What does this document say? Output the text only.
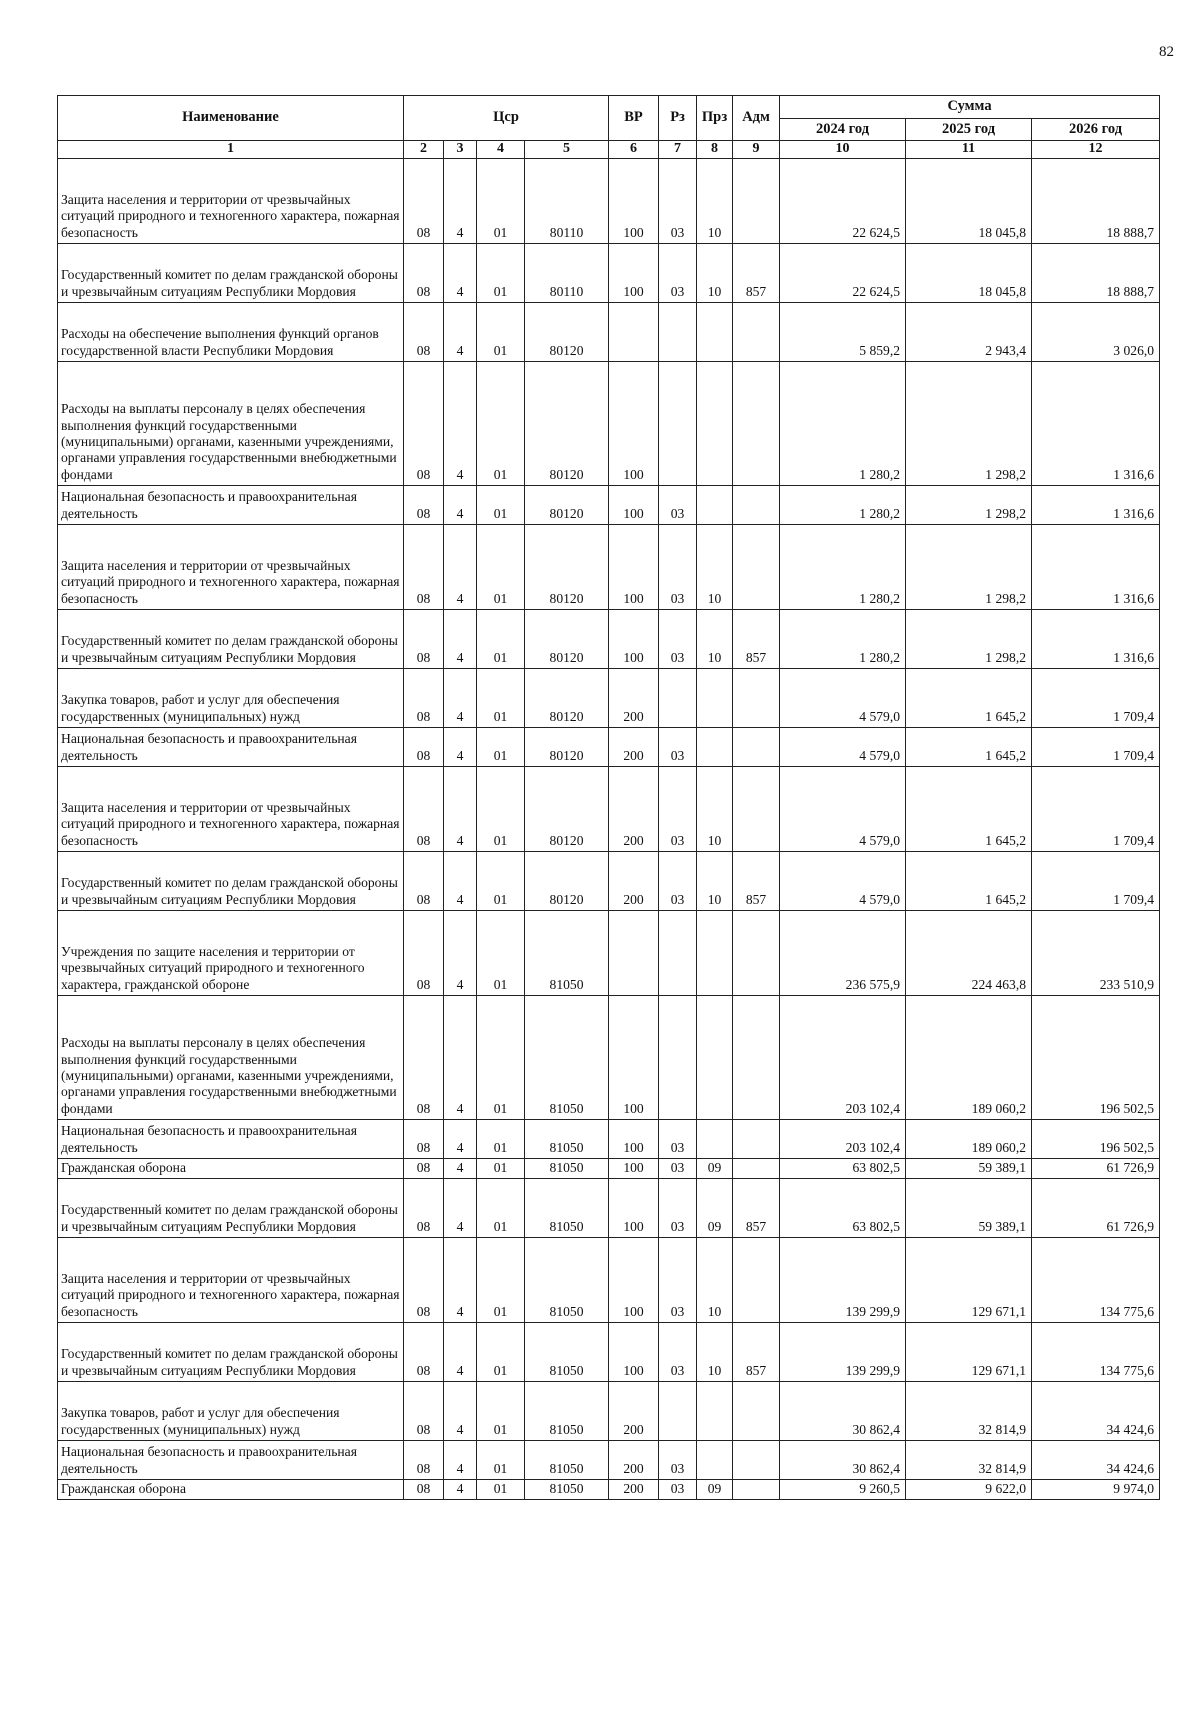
82
Наименование	Цср				ВР	Рз	Прз	Адм	Сумма		
									2024 год	2025 год	2026 год
1	2	3	4	5	6	7	8	9	10	11	12
Защита населения и территории от чрезвычайных ситуаций природного и техногенного характера, пожарная безопасность	08	4	01	80110	100	03	10		22 624,5	18 045,8	18 888,7
Государственный комитет по делам гражданской обороны и чрезвычайным ситуациям Республики Мордовия	08	4	01	80110	100	03	10	857	22 624,5	18 045,8	18 888,7
Расходы на обеспечение выполнения функций органов государственной власти Республики Мордовия	08	4	01	80120					5 859,2	2 943,4	3 026,0
Расходы на выплаты персоналу в целях обеспечения выполнения функций государственными (муниципальными) органами, казенными учреждениями, органами управления государственными внебюджетными фондами	08	4	01	80120	100				1 280,2	1 298,2	1 316,6
Национальная безопасность и правоохранительная деятельность	08	4	01	80120	100	03			1 280,2	1 298,2	1 316,6
Защита населения и территории от чрезвычайных ситуаций природного и техногенного характера, пожарная безопасность	08	4	01	80120	100	03	10		1 280,2	1 298,2	1 316,6
Государственный комитет по делам гражданской обороны и чрезвычайным ситуациям Республики Мордовия	08	4	01	80120	100	03	10	857	1 280,2	1 298,2	1 316,6
Закупка товаров, работ и услуг для обеспечения государственных (муниципальных) нужд	08	4	01	80120	200				4 579,0	1 645,2	1 709,4
Национальная безопасность и правоохранительная деятельность	08	4	01	80120	200	03			4 579,0	1 645,2	1 709,4
Защита населения и территории от чрезвычайных ситуаций природного и техногенного характера, пожарная безопасность	08	4	01	80120	200	03	10		4 579,0	1 645,2	1 709,4
Государственный комитет по делам гражданской обороны и чрезвычайным ситуациям Республики Мордовия	08	4	01	80120	200	03	10	857	4 579,0	1 645,2	1 709,4
Учреждения по защите населения и территории от чрезвычайных ситуаций природного и техногенного характера, гражданской обороне	08	4	01	81050					236 575,9	224 463,8	233 510,9
Расходы на выплаты персоналу в целях обеспечения выполнения функций государственными (муниципальными) органами, казенными учреждениями, органами управления государственными внебюджетными фондами	08	4	01	81050	100				203 102,4	189 060,2	196 502,5
Национальная безопасность и правоохранительная деятельность	08	4	01	81050	100	03			203 102,4	189 060,2	196 502,5
Гражданская оборона	08	4	01	81050	100	03	09		63 802,5	59 389,1	61 726,9
Государственный комитет по делам гражданской обороны и чрезвычайным ситуациям Республики Мордовия	08	4	01	81050	100	03	09	857	63 802,5	59 389,1	61 726,9
Защита населения и территории от чрезвычайных ситуаций природного и техногенного характера, пожарная безопасность	08	4	01	81050	100	03	10		139 299,9	129 671,1	134 775,6
Государственный комитет по делам гражданской обороны и чрезвычайным ситуациям Республики Мордовия	08	4	01	81050	100	03	10	857	139 299,9	129 671,1	134 775,6
Закупка товаров, работ и услуг для обеспечения государственных (муниципальных) нужд	08	4	01	81050	200				30 862,4	32 814,9	34 424,6
Национальная безопасность и правоохранительная деятельность	08	4	01	81050	200	03			30 862,4	32 814,9	34 424,6
Гражданская оборона	08	4	01	81050	200	03	09		9 260,5	9 622,0	9 974,0
